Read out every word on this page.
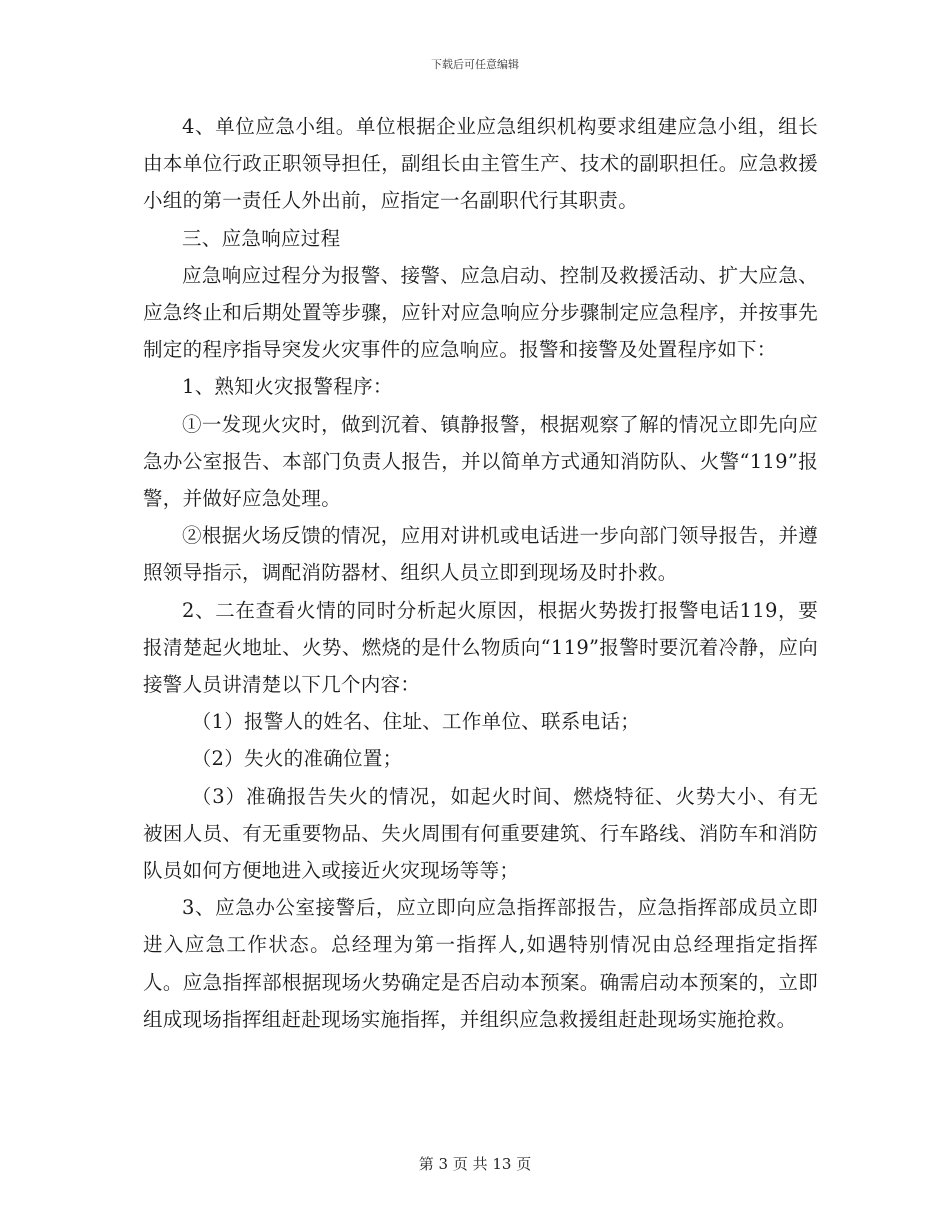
下载后可任意编辑

4、单位应急小组。单位根据企业应急组织机构要求组建应急小组，组长由本单位行政正职领导担任，副组长由主管生产、技术的副职担任。应急救援小组的第一责任人外出前，应指定一名副职代行其职责。

三、应急响应过程

应急响应过程分为报警、接警、应急启动、控制及救援活动、扩大应急、应急终止和后期处置等步骤，应针对应急响应分步骤制定应急程序，并按事先制定的程序指导突发火灾事件的应急响应。报警和接警及处置程序如下：

1、熟知火灾报警程序：

①一发现火灾时，做到沉着、镇静报警，根据观察了解的情况立即先向应急办公室报告、本部门负责人报告，并以简单方式通知消防队、火警“119”报警，并做好应急处理。

②根据火场反馈的情况，应用对讲机或电话进一步向部门领导报告，并遵照领导指示，调配消防器材、组织人员立即到现场及时扑救。

2、二在查看火情的同时分析起火原因，根据火势拨打报警电话119，要报清楚起火地址、火势、燃烧的是什么物质向“119”报警时要沉着冷静，应向接警人员讲清楚以下几个内容：

（1）报警人的姓名、住址、工作单位、联系电话；

（2）失火的准确位置；

（3）准确报告失火的情况，如起火时间、燃烧特征、火势大小、有无被困人员、有无重要物品、失火周围有何重要建筑、行车路线、消防车和消防队员如何方便地进入或接近火灾现场等等；

3、应急办公室接警后，应立即向应急指挥部报告，应急指挥部成员立即进入应急工作状态。总经理为第一指挥人,如遇特别情况由总经理指定指挥人。应急指挥部根据现场火势确定是否启动本预案。确需启动本预案的，立即组成现场指挥组赶赴现场实施指挥，并组织应急救援组赶赴现场实施抢救。

第 3 页 共 13 页
